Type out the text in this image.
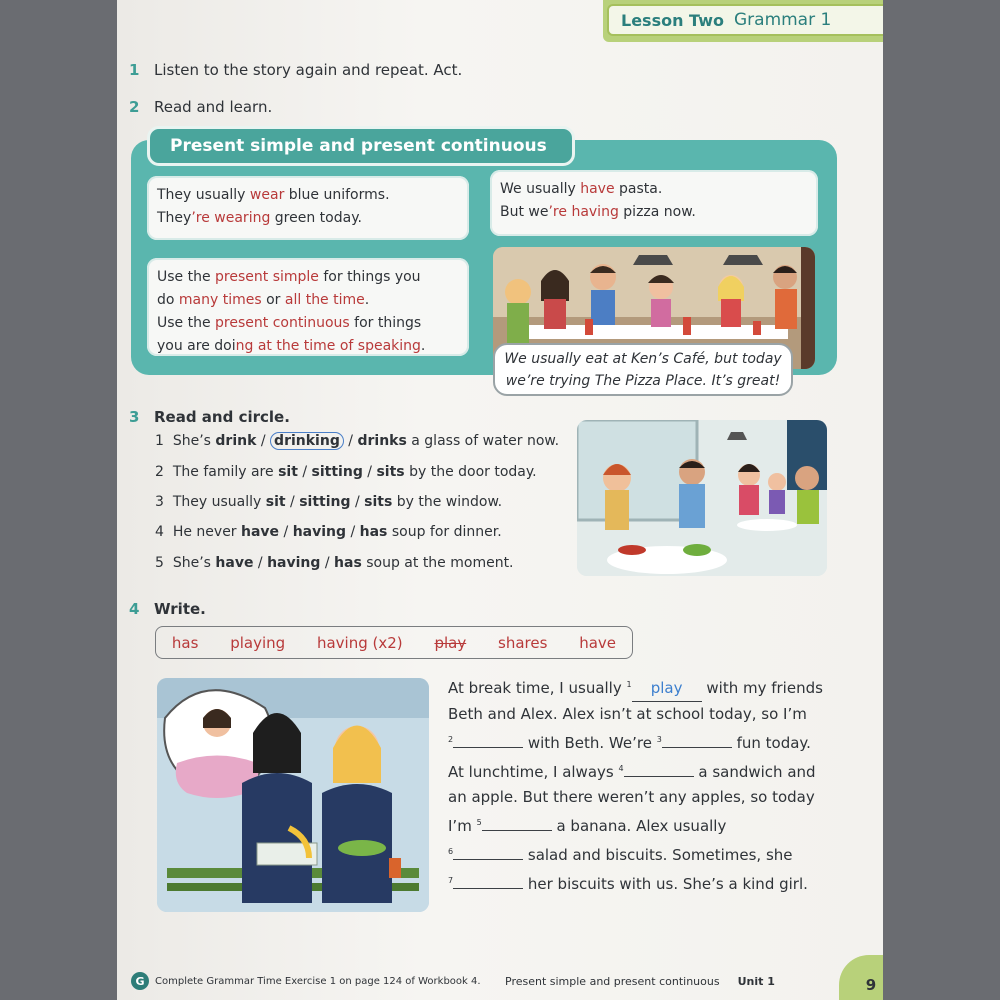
Lesson Two Grammar 1
1 Listen to the story again and repeat. Act.
2 Read and learn.
Present simple and present continuous
They usually wear blue uniforms.
They’re wearing green today.
We usually have pasta.
But we’re having pizza now.
Use the present simple for things you
do many times or all the time.
Use the present continuous for things
you are doing at the time of speaking.
We usually eat at Ken’s Café, but today
we’re trying The Pizza Place. It’s great!
3 Read and circle.
1 She’s drink / drinking / drinks a glass of water now.
2 The family are sit / sitting / sits by the door today.
3 They usually sit / sitting / sits by the window.
4 He never have / having / has soup for dinner.
5 She’s have / having / has soup at the moment.
4 Write.
has playing having (x2) play shares have
At break time, I usually $^1$ play with my friends
Beth and Alex. Alex isn’t at school today, so I’m
$^2$	with Beth. We’re $^3$	fun today.
At lunchtime, I always $^4$	a sandwich and
an apple. But there weren’t any apples, so today
I’m $^5$	a banana. Alex usually
$^6$	salad and biscuits. Sometimes, she
$^7$	her biscuits with us. She’s a kind girl.
G	Complete Grammar Time Exercise 1 on page 124 of Workbook 4.	Present simple and present continuous Unit 1	9
